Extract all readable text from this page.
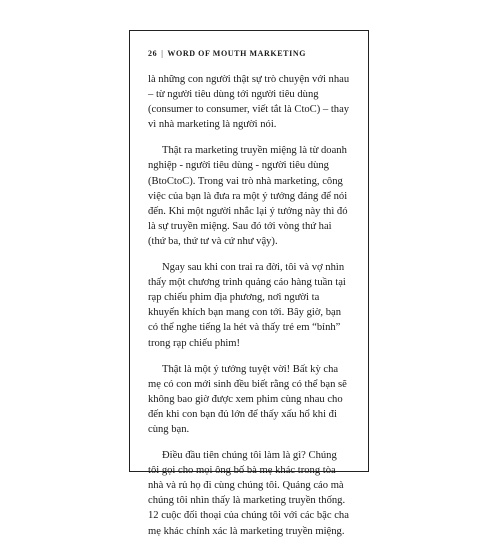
26 | WORD OF MOUTH MARKETING

là những con người thật sự trò chuyện với nhau – từ người tiêu dùng tới người tiêu dùng (consumer to consumer, viết tắt là CtoC) – thay vì nhà marketing là người nói.

Thật ra marketing truyền miệng là từ doanh nghiệp - người tiêu dùng - người tiêu dùng (BtoCtoC). Trong vai trò nhà marketing, công việc của bạn là đưa ra một ý tưởng đáng để nói đến. Khi một người nhắc lại ý tưởng này thì đó là sự truyền miệng. Sau đó tới vòng thứ hai (thứ ba, thứ tư và cứ như vậy).

Ngay sau khi con trai ra đời, tôi và vợ nhìn thấy một chương trình quảng cáo hàng tuần tại rạp chiếu phim địa phương, nơi người ta khuyến khích bạn mang con tới. Bây giờ, bạn có thể nghe tiếng la hét và thấy trẻ em “bỉnh” trong rạp chiếu phim!

Thật là một ý tưởng tuyệt vời! Bất kỳ cha mẹ có con mới sinh đều biết rằng có thể bạn sẽ không bao giờ được xem phim cùng nhau cho đến khi con bạn đủ lớn để thấy xấu hổ khi đi cùng bạn.

Điều đầu tiên chúng tôi làm là gì? Chúng tôi gọi cho mọi ông bố bà mẹ khác trong tòa nhà và rủ họ đi cùng chúng tôi. Quảng cáo mà chúng tôi nhìn thấy là marketing truyền thống. 12 cuộc đối thoại của chúng tôi với các bậc cha mẹ khác chính xác là marketing truyền miệng.
